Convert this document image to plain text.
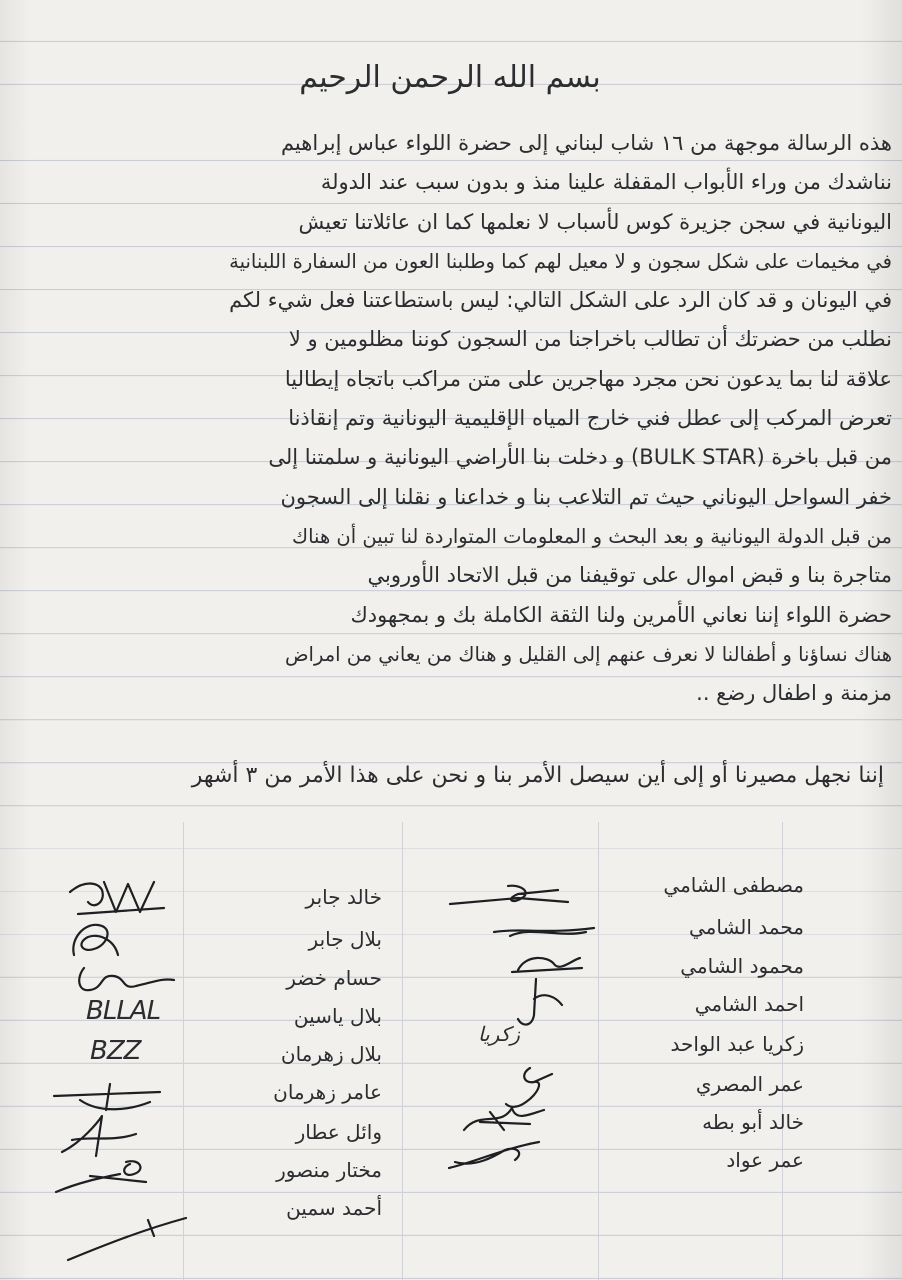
بسم الله الرحمن الرحيم
هذه الرسالة موجهة من ١٦ شاب لبناني إلى حضرة اللواء عباس إبراهيم
نناشدك من وراء الأبواب المقفلة علينا منذ و بدون سبب عند الدولة
اليونانية في سجن جزيرة كوس لأسباب لا نعلمها كما ان عائلاتنا تعيش
في مخيمات على شكل سجون و لا معيل لهم كما وطلبنا العون من السفارة اللبنانية
في اليونان و قد كان الرد على الشكل التالي: ليس باستطاعتنا فعل شيء لكم
نطلب من حضرتك أن تطالب باخراجنا من السجون كوننا مظلومين و لا
علاقة لنا بما يدعون نحن مجرد مهاجرين على متن مراكب باتجاه إيطاليا
تعرض المركب إلى عطل فني خارج المياه الإقليمية اليونانية وتم إنقاذنا
من قبل باخرة (BULK STAR) و دخلت بنا الأراضي اليونانية و سلمتنا إلى
خفر السواحل اليوناني حيث تم التلاعب بنا و خداعنا و نقلنا إلى السجون
من قبل الدولة اليونانية و بعد البحث و المعلومات المتواردة لنا تبين أن هناك
متاجرة بنا و قبض اموال على توقيفنا من قبل الاتحاد الأوروبي
حضرة اللواء إننا نعاني الأمرين ولنا الثقة الكاملة بك و بمجهودك
هناك نساؤنا و أطفالنا لا نعرف عنهم إلى القليل و هناك من يعاني من امراض
مزمنة و اطفال رضع ..
إننا نجهل مصيرنا أو إلى أين سيصل الأمر بنا و نحن على هذا الأمر من ٣ أشهر
مصطفى الشامي
محمد الشامي
محمود الشامي
احمد الشامي
زكريا عبد الواحد
عمر المصري
خالد أبو بطه
عمر عواد
خالد جابر
بلال جابر
حسام خضر
بلال ياسين
بلال زهرمان
عامر زهرمان
وائل عطار
مختار منصور
أحمد سمين
زكريا
BLLAL
BZZ
